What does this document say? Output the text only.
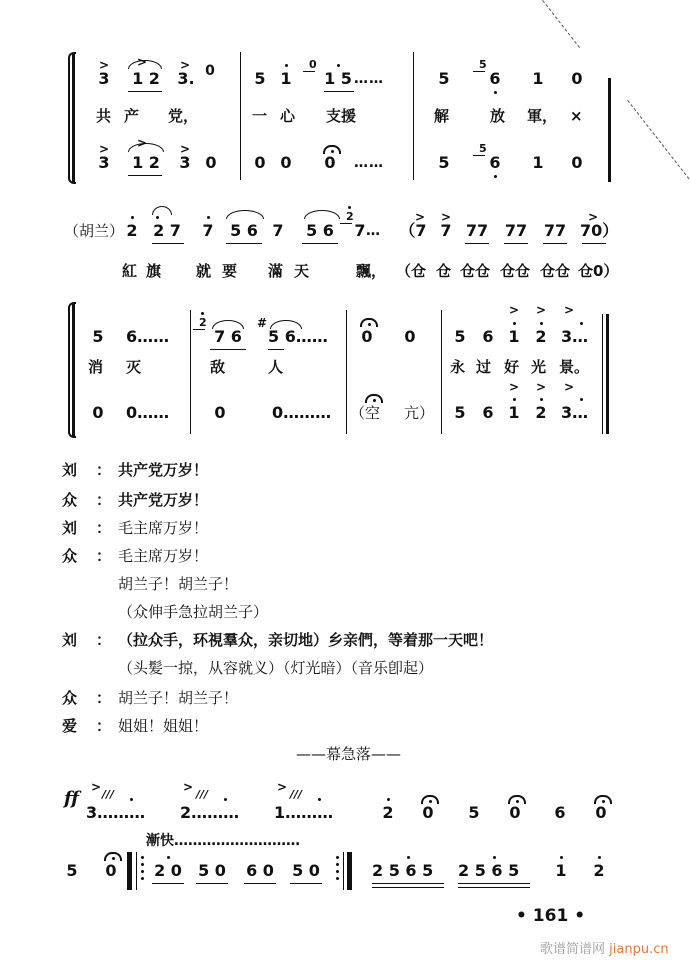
>
3
>
1 2
>
3. 0 5 1
0
1 5 ……	5
5
6 1 0
共 产 党，	一 心 支援	解	放 軍， ×
>
3
>
1 2
>
3 0 0 0 0 ……	5
5
6 1 0
（胡兰） 2 2 7 7	5 6 7	5 6
2
7 …
>
（7
>
7 77 77 77
>
70）
紅 旗 就 要 滿 天	飄， （仓 仓 仓仓 仓仓 仓仓 仓0）
5 6……
2
7 6
#
5 6……	0 0 5 6
>
1
>
2
>
3…
消 灭	敌	人	永 过 好 光 景。
0 0……	0	0………	（空 亢） 5 6
>
1
>
2
>
3…
刘 ： 共产党万岁！
众 ： 共产党万岁！
刘 ： 毛主席万岁！
众 ： 毛主席万岁！
胡兰子！胡兰子！
（众伸手急拉胡兰子）
刘 ： （拉众手，环視羣众，亲切地）乡亲們，等着那一天吧！
（头髪一掠，从容就义）（灯光暗）（音乐卽起）
众 ： 胡兰子！胡兰子！
爱 ： 姐姐！姐姐！
——幕急落——
ff
>
///
3………
>
///
2………
>
///
1………	2 0 5 0 6 0
漸快………………………
5 0 2 0 5 0 6 0 5 0	2 5 6 5	2 5 6 5	1 2
• 161 •
歌谱简谱网 jianpu.cn
